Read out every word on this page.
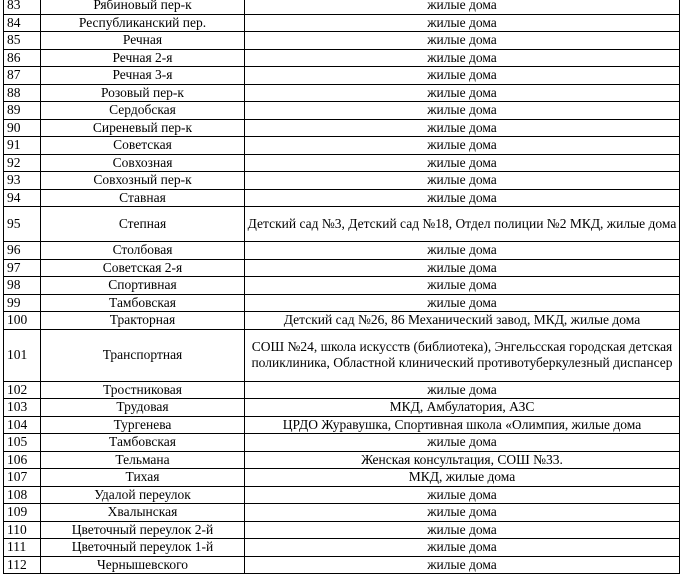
83	Рябиновый пер-к	жилые дома
84	Республиканский пер.	жилые дома
85	Речная	жилые дома
86	Речная 2-я	жилые дома
87	Речная 3-я	жилые дома
88	Розовый пер-к	жилые дома
89	Сердобская	жилые дома
90	Сиреневый пер-к	жилые дома
91	Советская	жилые дома
92	Совхозная	жилые дома
93	Совхозный пер-к	жилые дома
94	Ставная	жилые дома
95	Степная	Детский сад №3, Детский сад №18, Отдел полиции №2 МКД, жилые дома
96	Столбовая	жилые дома
97	Советская 2-я	жилые дома
98	Спортивная	жилые дома
99	Тамбовская	жилые дома
100	Тракторная	Детский сад №26, 86 Механический завод, МКД, жилые дома
101	Транспортная	СОШ №24, школа искусств (библиотека), Энгельсская городская детская поликлиника, Областной клинический противотуберкулезный диспансер
102	Тростниковая	жилые дома
103	Трудовая	МКД, Амбулатория, АЗС
104	Тургенева	ЦРДО Журавушка, Спортивная школа «Олимпия, жилые дома
105	Тамбовская	жилые дома
106	Тельмана	Женская консультация, СОШ №33.
107	Тихая	МКД, жилые дома
108	Удалой переулок	жилые дома
109	Хвалынская	жилые дома
110	Цветочный переулок 2-й	жилые дома
111	Цветочный переулок 1-й	жилые дома
112	Чернышевского	жилые дома
